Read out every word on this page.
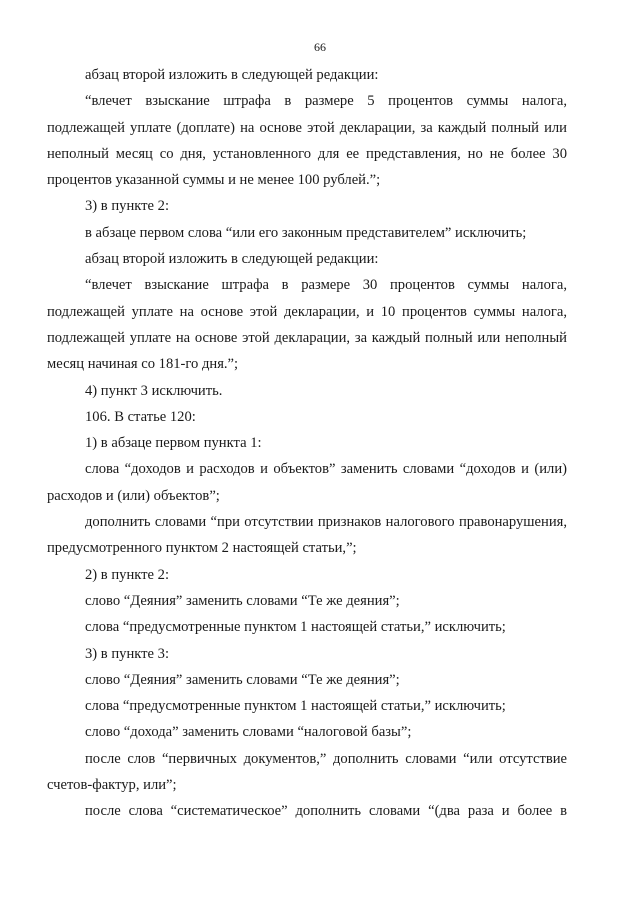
66

абзац второй изложить в следующей редакции:

“влечет взыскание штрафа в размере 5 процентов суммы налога, подлежащей уплате (доплате) на основе этой декларации, за каждый полный или неполный месяц со дня, установленного для ее представления, но не более 30 процентов указанной суммы и не менее 100 рублей.”;

3) в пункте 2:

в абзаце первом слова “или его законным представителем” исключить;

абзац второй изложить в следующей редакции:

“влечет взыскание штрафа в размере 30 процентов суммы налога, подлежащей уплате на основе этой декларации, и 10 процентов суммы налога, подлежащей уплате на основе этой декларации, за каждый полный или неполный месяц начиная со 181-го дня.”;

4) пункт 3 исключить.

106. В статье 120:

1) в абзаце первом пункта 1:

слова “доходов и расходов и объектов” заменить словами “доходов и (или) расходов и (или) объектов”;

дополнить словами “при отсутствии признаков налогового правонарушения, предусмотренного пунктом 2 настоящей статьи,”;

2) в пункте 2:

слово “Деяния” заменить словами “Те же деяния”;

слова “предусмотренные пунктом 1 настоящей статьи,” исключить;

3) в пункте 3:

слово “Деяния” заменить словами “Те же деяния”;

слова “предусмотренные пунктом 1 настоящей статьи,” исключить;

слово “дохода” заменить словами “налоговой базы”;

после слов “первичных документов,” дополнить словами “или отсутствие счетов-фактур, или”;

после слова “систематическое” дополнить словами “(два раза и более в
